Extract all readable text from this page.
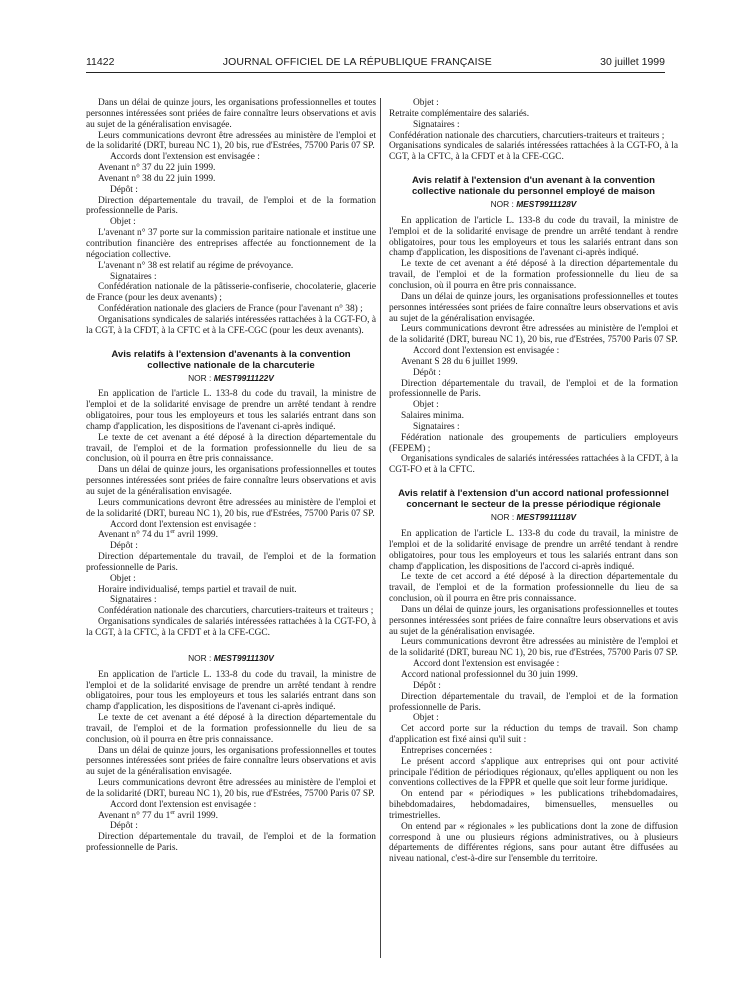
11422	JOURNAL OFFICIEL DE LA RÉPUBLIQUE FRANÇAISE	30 juillet 1999

Dans un délai de quinze jours, les organisations professionnelles et toutes personnes intéressées sont priées de faire connaître leurs observations et avis au sujet de la généralisation envisagée.

Leurs communications devront être adressées au ministère de l'emploi et de la solidarité (DRT, bureau NC 1), 20 bis, rue d'Estrées, 75700 Paris 07 SP.

Accords dont l'extension est envisagée :

Avenant n° 37 du 22 juin 1999.

Avenant n° 38 du 22 juin 1999.

Dépôt :

Direction départementale du travail, de l'emploi et de la formation professionnelle de Paris.

Objet :

L'avenant n° 37 porte sur la commission paritaire nationale et institue une contribution financière des entreprises affectée au fonctionnement de la négociation collective.

L'avenant n° 38 est relatif au régime de prévoyance.

Signataires :

Confédération nationale de la pâtisserie-confiserie, chocolaterie, glacerie de France (pour les deux avenants) ;

Confédération nationale des glaciers de France (pour l'avenant n° 38) ;

Organisations syndicales de salariés intéressées rattachées à la CGT-FO, à la CGT, à la CFDT, à la CFTC et à la CFE-CGC (pour les deux avenants).

Avis relatifs à l'extension d'avenants à la convention collective nationale de la charcuterie
NOR : MEST9911122V

En application de l'article L. 133-8 du code du travail, la ministre de l'emploi et de la solidarité envisage de prendre un arrêté tendant à rendre obligatoires, pour tous les employeurs et tous les salariés entrant dans son champ d'application, les dispositions de l'avenant ci-après indiqué.

Le texte de cet avenant a été déposé à la direction départementale du travail, de l'emploi et de la formation professionnelle du lieu de sa conclusion, où il pourra en être pris connaissance.

Dans un délai de quinze jours, les organisations professionnelles et toutes personnes intéressées sont priées de faire connaître leurs observations et avis au sujet de la généralisation envisagée.

Leurs communications devront être adressées au ministère de l'emploi et de la solidarité (DRT, bureau NC 1), 20 bis, rue d'Estrées, 75700 Paris 07 SP.

Accord dont l'extension est envisagée :

Avenant n° 74 du 1er avril 1999.

Dépôt :

Direction départementale du travail, de l'emploi et de la formation professionnelle de Paris.

Objet :

Horaire individualisé, temps partiel et travail de nuit.

Signataires :

Confédération nationale des charcutiers, charcutiers-traiteurs et traiteurs ;

Organisations syndicales de salariés intéressées rattachées à la CGT-FO, à la CGT, à la CFTC, à la CFDT et à la CFE-CGC.

NOR : MEST9911130V

En application de l'article L. 133-8 du code du travail, la ministre de l'emploi et de la solidarité envisage de prendre un arrêté tendant à rendre obligatoires, pour tous les employeurs et tous les salariés entrant dans son champ d'application, les dispositions de l'avenant ci-après indiqué.

Le texte de cet avenant a été déposé à la direction départementale du travail, de l'emploi et de la formation professionnelle du lieu de sa conclusion, où il pourra en être pris connaissance.

Dans un délai de quinze jours, les organisations professionnelles et toutes personnes intéressées sont priées de faire connaître leurs observations et avis au sujet de la généralisation envisagée.

Leurs communications devront être adressées au ministère de l'emploi et de la solidarité (DRT, bureau NC 1), 20 bis, rue d'Estrées, 75700 Paris 07 SP.

Accord dont l'extension est envisagée :

Avenant n° 77 du 1er avril 1999.

Dépôt :

Direction départementale du travail, de l'emploi et de la formation professionnelle de Paris.

Objet :

Retraite complémentaire des salariés.

Signataires :

Confédération nationale des charcutiers, charcutiers-traiteurs et traiteurs ;

Organisations syndicales de salariés intéressées rattachées à la CGT-FO, à la CGT, à la CFTC, à la CFDT et à la CFE-CGC.

Avis relatif à l'extension d'un avenant à la convention collective nationale du personnel employé de maison
NOR : MEST9911128V

En application de l'article L. 133-8 du code du travail, la ministre de l'emploi et de la solidarité envisage de prendre un arrêté tendant à rendre obligatoires, pour tous les employeurs et tous les salariés entrant dans son champ d'application, les dispositions de l'avenant ci-après indiqué.

Le texte de cet avenant a été déposé à la direction départementale du travail, de l'emploi et de la formation professionnelle du lieu de sa conclusion, où il pourra en être pris connaissance.

Dans un délai de quinze jours, les organisations professionnelles et toutes personnes intéressées sont priées de faire connaître leurs observations et avis au sujet de la généralisation envisagée.

Leurs communications devront être adressées au ministère de l'emploi et de la solidarité (DRT, bureau NC 1), 20 bis, rue d'Estrées, 75700 Paris 07 SP.

Accord dont l'extension est envisagée :

Avenant S 28 du 6 juillet 1999.

Dépôt :

Direction départementale du travail, de l'emploi et de la formation professionnelle de Paris.

Objet :

Salaires minima.

Signataires :

Fédération nationale des groupements de particuliers employeurs (FEPEM) ;

Organisations syndicales de salariés intéressées rattachées à la CFDT, à la CGT-FO et à la CFTC.

Avis relatif à l'extension d'un accord national professionnel concernant le secteur de la presse périodique régionale
NOR : MEST9911118V

En application de l'article L. 133-8 du code du travail, la ministre de l'emploi et de la solidarité envisage de prendre un arrêté tendant à rendre obligatoires, pour tous les employeurs et tous les salariés entrant dans son champ d'application, les dispositions de l'accord ci-après indiqué.

Le texte de cet accord a été déposé à la direction départementale du travail, de l'emploi et de la formation professionnelle du lieu de sa conclusion, où il pourra en être pris connaissance.

Dans un délai de quinze jours, les organisations professionnelles et toutes personnes intéressées sont priées de faire connaître leurs observations et avis au sujet de la généralisation envisagée.

Leurs communications devront être adressées au ministère de l'emploi et de la solidarité (DRT, bureau NC 1), 20 bis, rue d'Estrées, 75700 Paris 07 SP.

Accord dont l'extension est envisagée :

Accord national professionnel du 30 juin 1999.

Dépôt :

Direction départementale du travail, de l'emploi et de la formation professionnelle de Paris.

Objet :

Cet accord porte sur la réduction du temps de travail. Son champ d'application est fixé ainsi qu'il suit :

Entreprises concernées :

Le présent accord s'applique aux entreprises qui ont pour activité principale l'édition de périodiques régionaux, qu'elles appliquent ou non les conventions collectives de la FPPR et quelle que soit leur forme juridique.

On entend par « périodiques » les publications trihebdomadaires, bihebdomadaires, hebdomadaires, bimensuelles, mensuelles ou trimestrielles.

On entend par « régionales » les publications dont la zone de diffusion correspond à une ou plusieurs régions administratives, ou à plusieurs départements de différentes régions, sans pour autant être diffusées au niveau national, c'est-à-dire sur l'ensemble du territoire.
